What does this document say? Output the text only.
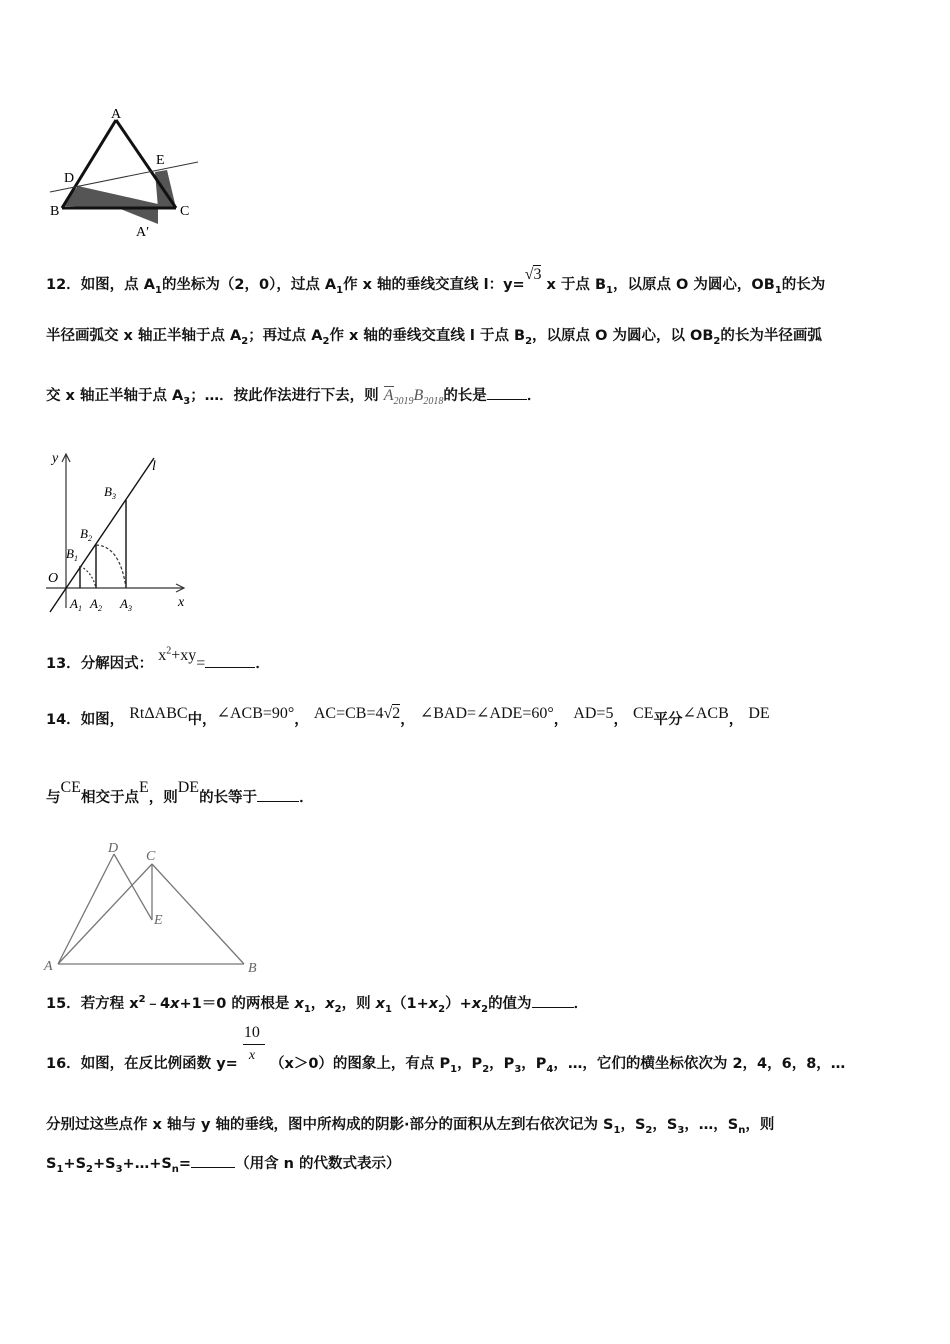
A
D
E
B	C
A′
12．如图，点 $A_1$的坐标为（2，0），过点 $A_1$作 x 轴的垂线交直线 l：y=√3 x 于点 $B_1$，以原点 O 为圆心，$OB_1$的长为
半径画弧交 x 轴正半轴于点 $A_2$；再过点 $A_2$作 x 轴的垂线交直线 l 于点 $B_2$，以原点 O 为圆心，以 $OB_2$的长为半径画弧
交 x 轴正半轴于点 $A_3$；…．按此作法进行下去，则 $A_{2019}B_{2018}$的长是	．
y
l
O
x
$B_1$
$B_2$
$B_3$
$A_1$ $A_2$ $A_3$
13．分解因式： $x^2+xy=$	．
14．如图， RtΔABC中，∠ACB=90°， AC=CB=4√2， ∠BAD=∠ADE=60°， AD=5， CE平分∠ACB， DE
与CE相交于点E，则DE的长等于	．
D
C
E
A	B
15．若方程 $x^2﹣4x+1=0$ 的两根是 $x_1$，$x_2$，则 $x_1(1+x_2)+x_2$的值为	．
16．如图，在反比例函数 $y= \frac{10}{x} (x>0)$的图象上，有点 $P_1$，$P_2$，$P_3$，$P_4$，…，它们的横坐标依次为 2，4，6，8，…
分别过这些点作 x 轴与 y 轴的垂线，图中所构成的阴影·部分的面积从左到右依次记为 $S_1$，$S_2$，$S_3$，…，$S_n$，则
$S_1+S_2+S_3+\dots+S_n=$	（用含 n 的代数式表示）
